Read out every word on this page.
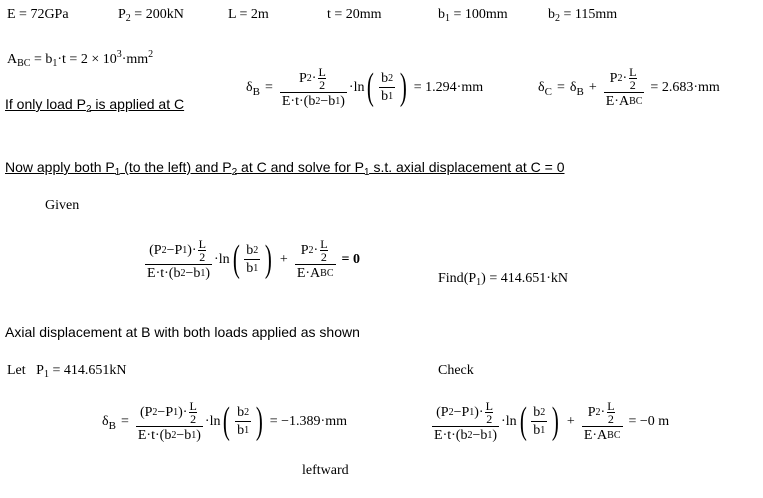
E = 72GPa	$P_2 = 200kN$	L = 2m	t = 20mm	$b_1 = 100mm$	$b_2 = 115mm$
$A_{BC} = b_1\cdot t = 2 \times 10^3\cdot mm^2$
If only load $P_2$ is applied at C
$\delta_B = \frac{P 2 \cdot \frac{L}{2}}{E \cdot t \cdot( b 2 - b 1 )} \cdot \ln$ ( $\frac{b 2}{b 1}$ ) = 1.294·mm	$\delta_C = \delta_B + \frac{P 2 \cdot \frac{L}{2}}{\text{E · A BC}} = 2.683\cdot mm$
Now apply both $P_1$ (to the left) and $P_2$ at C and solve for $P_1$ s.t. axial displacement at C = 0
Given
$\frac{( P 2 - P 1 )\cdot \frac{L}{2}}{E \cdot t \cdot( b 2 - b 1 )} \cdot \ln$ ( $\frac{b 2}{b 1}$ ) + $\frac{P 2 \cdot \frac{L}{2}}{\text{E · A BC}} = 0$
$Find(P_1) = 414.651\cdot kN$
Axial displacement at B with both loads applied as shown
Let $P_1 = 414.651kN$	Check
$\delta_B = \frac{( P 2 - P 1 )\cdot \frac{L}{2}}{E \cdot t \cdot( b 2 - b 1 )} \cdot \ln$ ( $\frac{b 2}{b 1}$ ) = −1.389·mm
leftward
$\frac{( P 2 - P 1 )\cdot \frac{L}{2}}{E \cdot t \cdot( b 2 - b 1 )} \cdot \ln$ ( $\frac{b 2}{b 1}$ ) + $\frac{P 2 \cdot \frac{L}{2}}{\text{E · A BC}} = -0$ m
